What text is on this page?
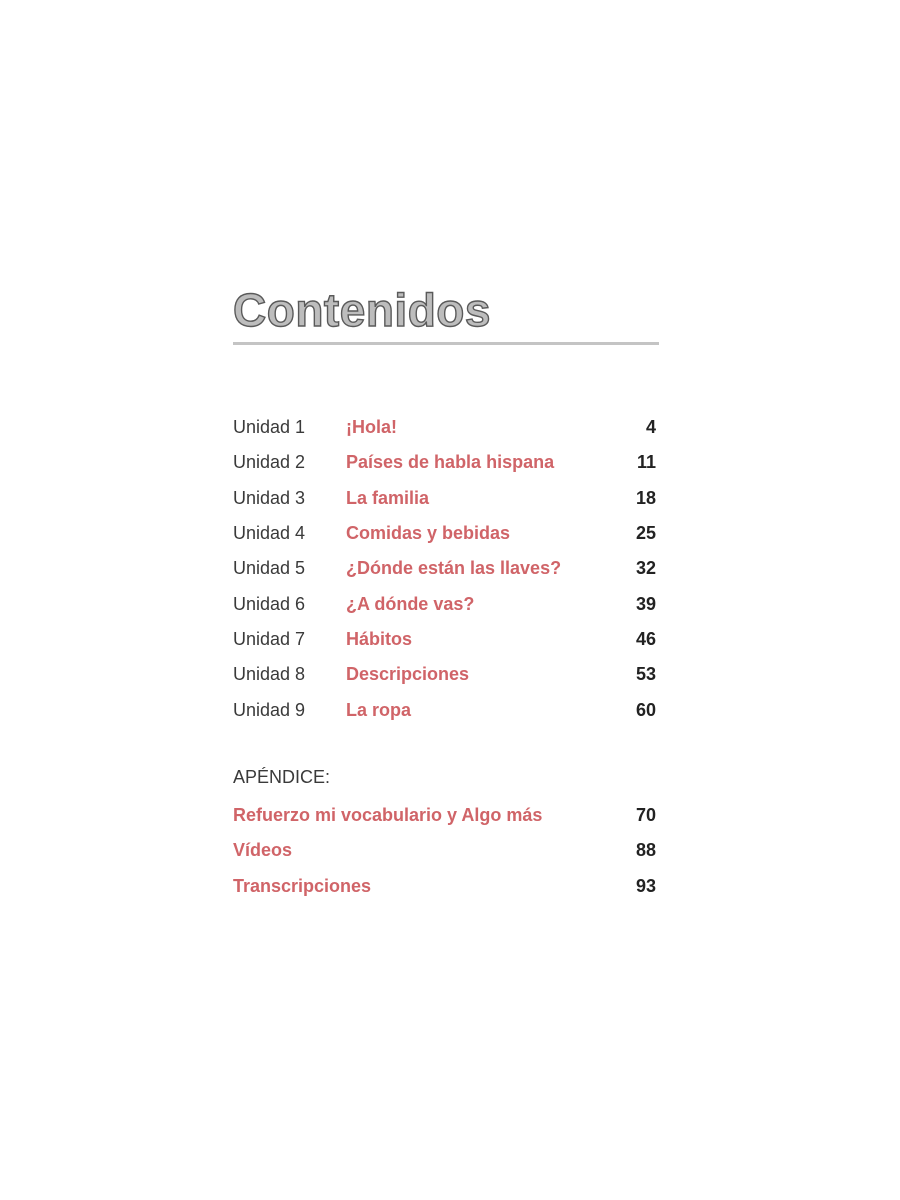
Contenidos
Unidad 1	¡Hola!	4
Unidad 2	Países de habla hispana	11
Unidad 3	La familia	18
Unidad 4	Comidas y bebidas	25
Unidad 5	¿Dónde están las llaves?	32
Unidad 6	¿A dónde vas?	39
Unidad 7	Hábitos	46
Unidad 8	Descripciones	53
Unidad 9	La ropa	60
APÉNDICE:
Refuerzo mi vocabulario y Algo más	70
Vídeos	88
Transcripciones	93
